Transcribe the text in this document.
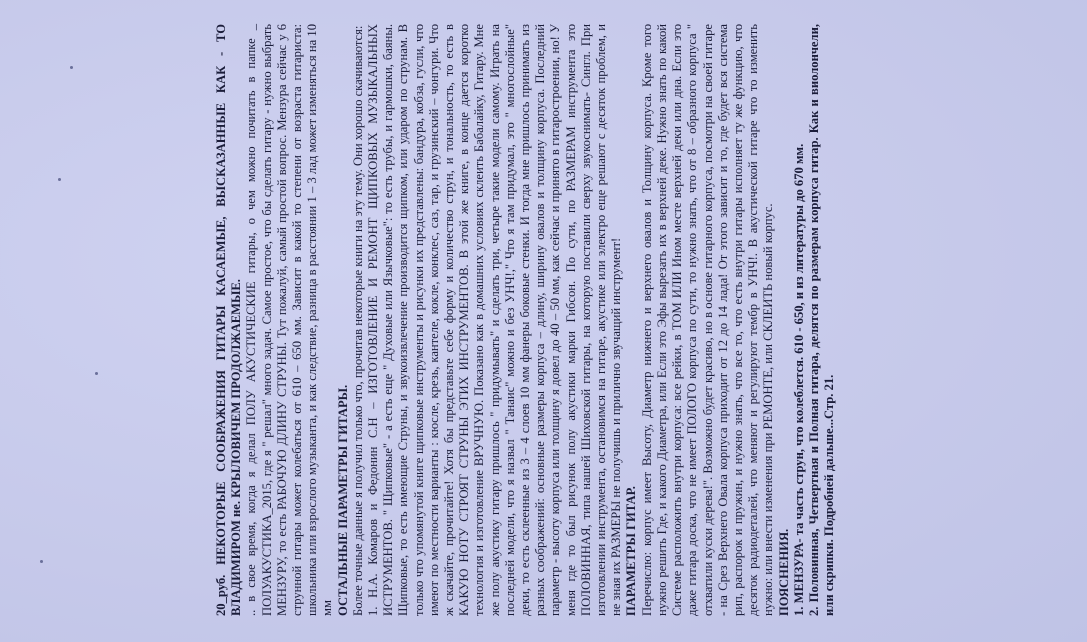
20_руб. НЕКОТОРЫЕ СООБРАЖЕНИЯ ГИТАРЫ КАСАЕМЫЕ, ВЫСКАЗАННЫЕ КАК - ТО ВЛАДИМИРОМ не. КРЫЛОВИЧЕМ ПРОДОЛЖАЕМЫЕ. .. в свое время, когда я делал ПОЛУ АКУСТИЧЕСКИЕ гитары, о чем можно почитать в папке _ ПОЛУАКУСТИКА_2015, где я " решал" много задач. Самое простое, что бы сделать гитару - нужно выбрать МЕНЗУРУ, то есть РАБОЧУЮ ДЛИНУ СТРУНЫ. Тут пожалуй, самый простой вопрос. Мензура сейчас у 6 струнной гитары может колебаться от 610 – 650 мм. Зависит в какой то степени от возраста гитариста: школьника или взрослого музыканта, и как следствие, разница в расстоянии 1 – 3 лад может изменяться на 10 мм ОСТАЛЬНЫЕ ПАРАМЕТРЫ ГИТАРЫ. Более точные данные я получил только что, прочитав некоторые книги на эту тему. Они хорошо скачиваются: 1. Н.А. Комаров и Федонин С.Н – ИЗГОТОВЛЕНИЕ И РЕМОНТ ЩИПКОВЫХ МУЗЫКАЛЬНЫХ ИСТРУМЕНТОВ. " Щипковые" - а есть еще " Духовые или Язычковые": то есть трубы, и гармошки, баяны. Щипковые, то есть имеющие Струны, и звукоизвлечение производится щипком, или ударом по струнам. В только что упомянутой книге щипковые инструменты и рисунки их представлены: бандура, кобза, гусли, что имеют по местности варианты : кюсле, крезь, кантеле, кокле, конклес, саз, тар, и грузинский – чонгури. Что ж скачайте, прочитайте! Хотя бы представьте себе форму и количество струн, и тональность, то есть в КАКУЮ НОТУ СТРОЯТ СТРУНЫ ЭТИХ ИНСТРУМЕНТОВ. В этой же книге, в конце дается коротко технология и изготовление ВРУЧНУЮ. Показано как в домашних условиях склеить Бабалайку, Гитару. Мне же полу акустику гитару пришлось " придумывать" и сделать три, четыре такие модели самому. Играть на последней модели, что я назвал " Танаис" можно и без УНЧ!," Что я там придумал, это " многослойные" деки, то есть склеенные из 3 – 4 слоев 10 мм фанеры боковые стенки. И тогда мне пришлось принимать из разных соображений: основные размеры корпуса – длину, ширину овалов и толщину корпуса. Последний параметр - высоту корпуса или толщину я довел до 40 – 50 мм, как сейчас и принято в гитаростроении, но! У меня где то был рисунок полу акустики марки Гибсон. По сути, по РАЗМЕРАМ инструмента это ПОЛОВИННАЯ, типа нашей Шиховской гитары, на которую поставили сверху звукоснимать- Сингл. При изготовлении инструмента, остановимся на гитаре, акустике или электро еще решают с десяток проблем, и не зная их РАЗМЕРЫ не получишь и прилично звучащий инструмент! ПАРАМЕТРЫ ГИТАР. Перечислю: корпус имеет Высоту, Диаметр нижнего и верхнего овалов и Толщину корпуса. Кроме того нужно решить Где, и какого Диаметра, или Если это Эфы вырезать их в верхней деке. Нужно знать по какой Системе расположить внутри корпуса: все рейки, в ТОМ ИЛИ Ином месте верхней деки или дна. Если это даже гитара доска, что не имеет ПОЛОГО корпуса по сути, то нужно знать, что от 8 – образного корпуса " отхватили куски дерева!". Возможно будет красиво, но в основе гитарного корпуса, посмотри на своей гитаре - на Срез Верхнего Овала корпуса приходит от 12 до 14 лада! От этого зависит и то, где будет вся система рип, распорок и пружин, и нужно знать, что все то, что есть внутри гитары исполняет ту же функцию, что десяток радиодеталей, что меняют и регулируют тембр в УНЧ!. В акустической гитаре что то изменить нужно: или внести изменения при РЕМОНТЕ, или СКЛЕИТЬ новый корпус. ПОЯСНЕНИЯ. 1. МЕНЗУРА- та часть струн, что колеблется. 610 - 650, и из литературы до 670 мм. 2. Половинная, Четвертная и Полная гитара, делятся по размерам корпуса гитар. Как и виолончели, или скрипки. Подробней дальше...Стр. 21.
